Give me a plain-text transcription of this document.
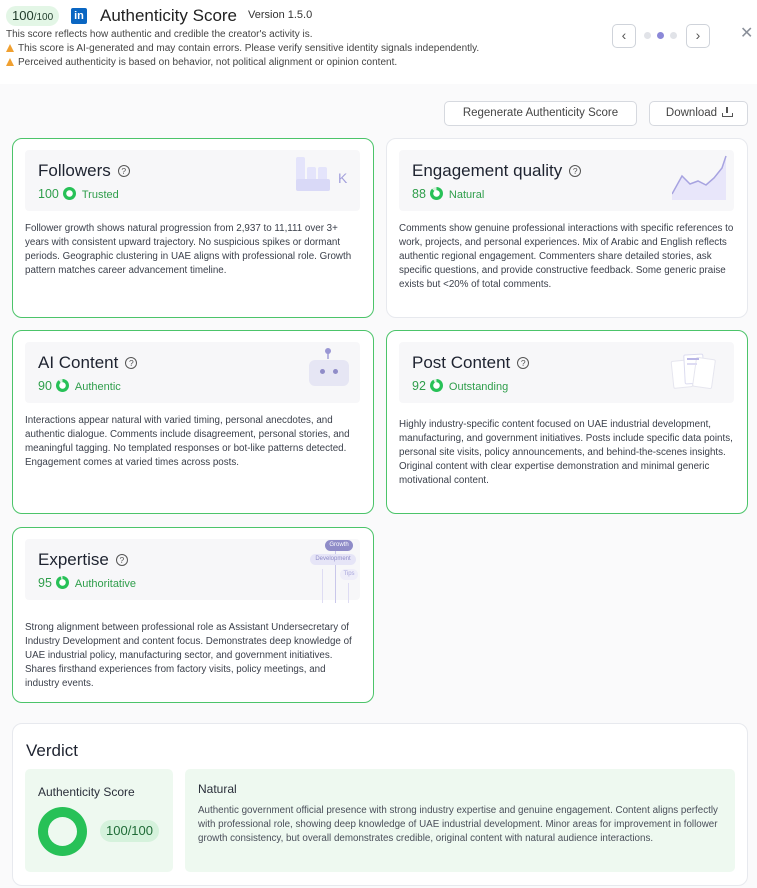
100/100	in Authenticity Score Version 1.5.0
This score reflects how authentic and credible the creator's activity is.
This score is AI-generated and may contain errors. Please verify sensitive identity signals independently.
Perceived authenticity is based on behavior, not political alignment or opinion content.
‹	›	✕
Regenerate Authenticity Score	Download
Followers ?
100 Trusted
K
Follower growth shows natural progression from 2,937 to 11,111 over 3+ years with consistent upward trajectory. No suspicious spikes or dormant periods. Geographic clustering in UAE aligns with professional role. Growth pattern matches career advancement timeline.
Engagement quality ?
88 Natural
Comments show genuine professional interactions with specific references to work, projects, and personal experiences. Mix of Arabic and English reflects authentic regional engagement. Commenters share detailed stories, ask specific questions, and provide constructive feedback. Some generic praise exists but <20% of total comments.
AI Content ?
90 Authentic
Interactions appear natural with varied timing, personal anecdotes, and authentic dialogue. Comments include disagreement, personal stories, and meaningful tagging. No templated responses or bot-like patterns detected. Engagement comes at varied times across posts.
Post Content ?
92 Outstanding
Highly industry-specific content focused on UAE industrial development, manufacturing, and government initiatives. Posts include specific data points, personal site visits, policy announcements, and behind-the-scenes insights. Original content with clear expertise demonstration and minimal generic motivational content.
Expertise ?
95 Authoritative
Growth
Development
Tips
Strong alignment between professional role as Assistant Undersecretary of Industry Development and content focus. Demonstrates deep knowledge of UAE industrial policy, manufacturing sector, and government initiatives. Shares firsthand experiences from factory visits, policy meetings, and industry events.
Verdict
Authenticity Score
100/100
Natural
Authentic government official presence with strong industry expertise and genuine engagement. Content aligns perfectly with professional role, showing deep knowledge of UAE industrial development. Minor areas for improvement in follower growth consistency, but overall demonstrates credible, original content with natural audience interactions.
